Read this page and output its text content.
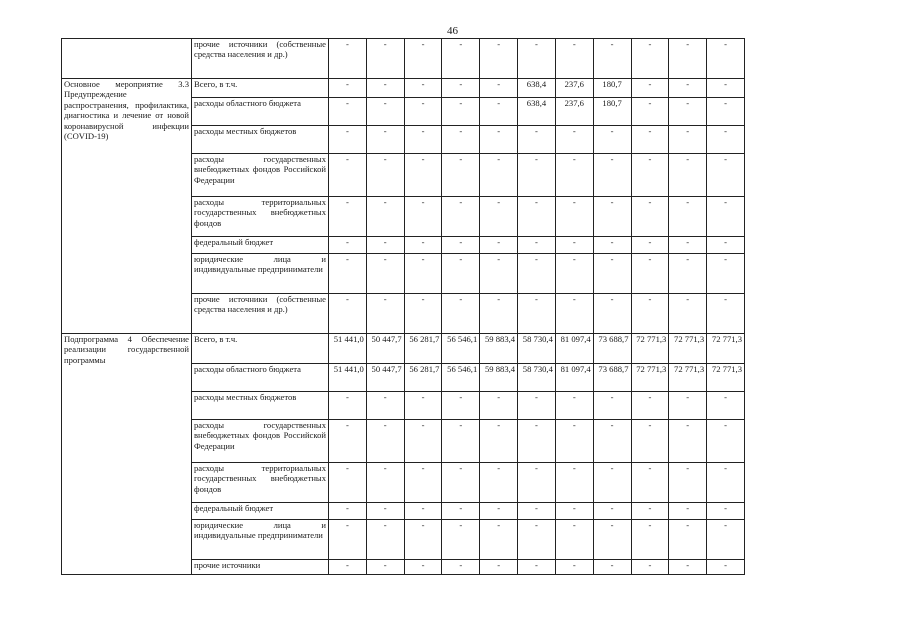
46
	прочие источники (собственные средства населения и др.)	-	-	-	-	-	-	-	-	-	-	-
Основное мероприятие 3.3 Предупреждение распространения, профилактика, диагностика и лечение от новой коронавирусной инфекции (COVID-19)	Всего, в т.ч.	-	-	-	-	-	638,4	237,6	180,7	-	-	-
	расходы областного бюджета	-	-	-	-	-	638,4	237,6	180,7	-	-	-
	расходы местных бюджетов	-	-	-	-	-	-	-	-	-	-	-
	расходы государственных внебюджетных фондов Российской Федерации	-	-	-	-	-	-	-	-	-	-	-
	расходы территориальных государственных внебюджетных фондов	-	-	-	-	-	-	-	-	-	-	-
	федеральный бюджет	-	-	-	-	-	-	-	-	-	-	-
	юридические лица и индивидуальные предприниматели	-	-	-	-	-	-	-	-	-	-	-
	прочие источники (собственные средства населения и др.)	-	-	-	-	-	-	-	-	-	-	-
Подпрограмма 4 Обеспечение реализации государственной программы	Всего, в т.ч.	51 441,0	50 447,7	56 281,7	56 546,1	59 883,4	58 730,4	81 097,4	73 688,7	72 771,3	72 771,3	72 771,3
	расходы областного бюджета	51 441,0	50 447,7	56 281,7	56 546,1	59 883,4	58 730,4	81 097,4	73 688,7	72 771,3	72 771,3	72 771,3
	расходы местных бюджетов	-	-	-	-	-	-	-	-	-	-	-
	расходы государственных внебюджетных фондов Российской Федерации	-	-	-	-	-	-	-	-	-	-	-
	расходы территориальных государственных внебюджетных фондов	-	-	-	-	-	-	-	-	-	-	-
	федеральный бюджет	-	-	-	-	-	-	-	-	-	-	-
	юридические лица и индивидуальные предприниматели	-	-	-	-	-	-	-	-	-	-	-
	прочие источники	-	-	-	-	-	-	-	-	-	-	-
